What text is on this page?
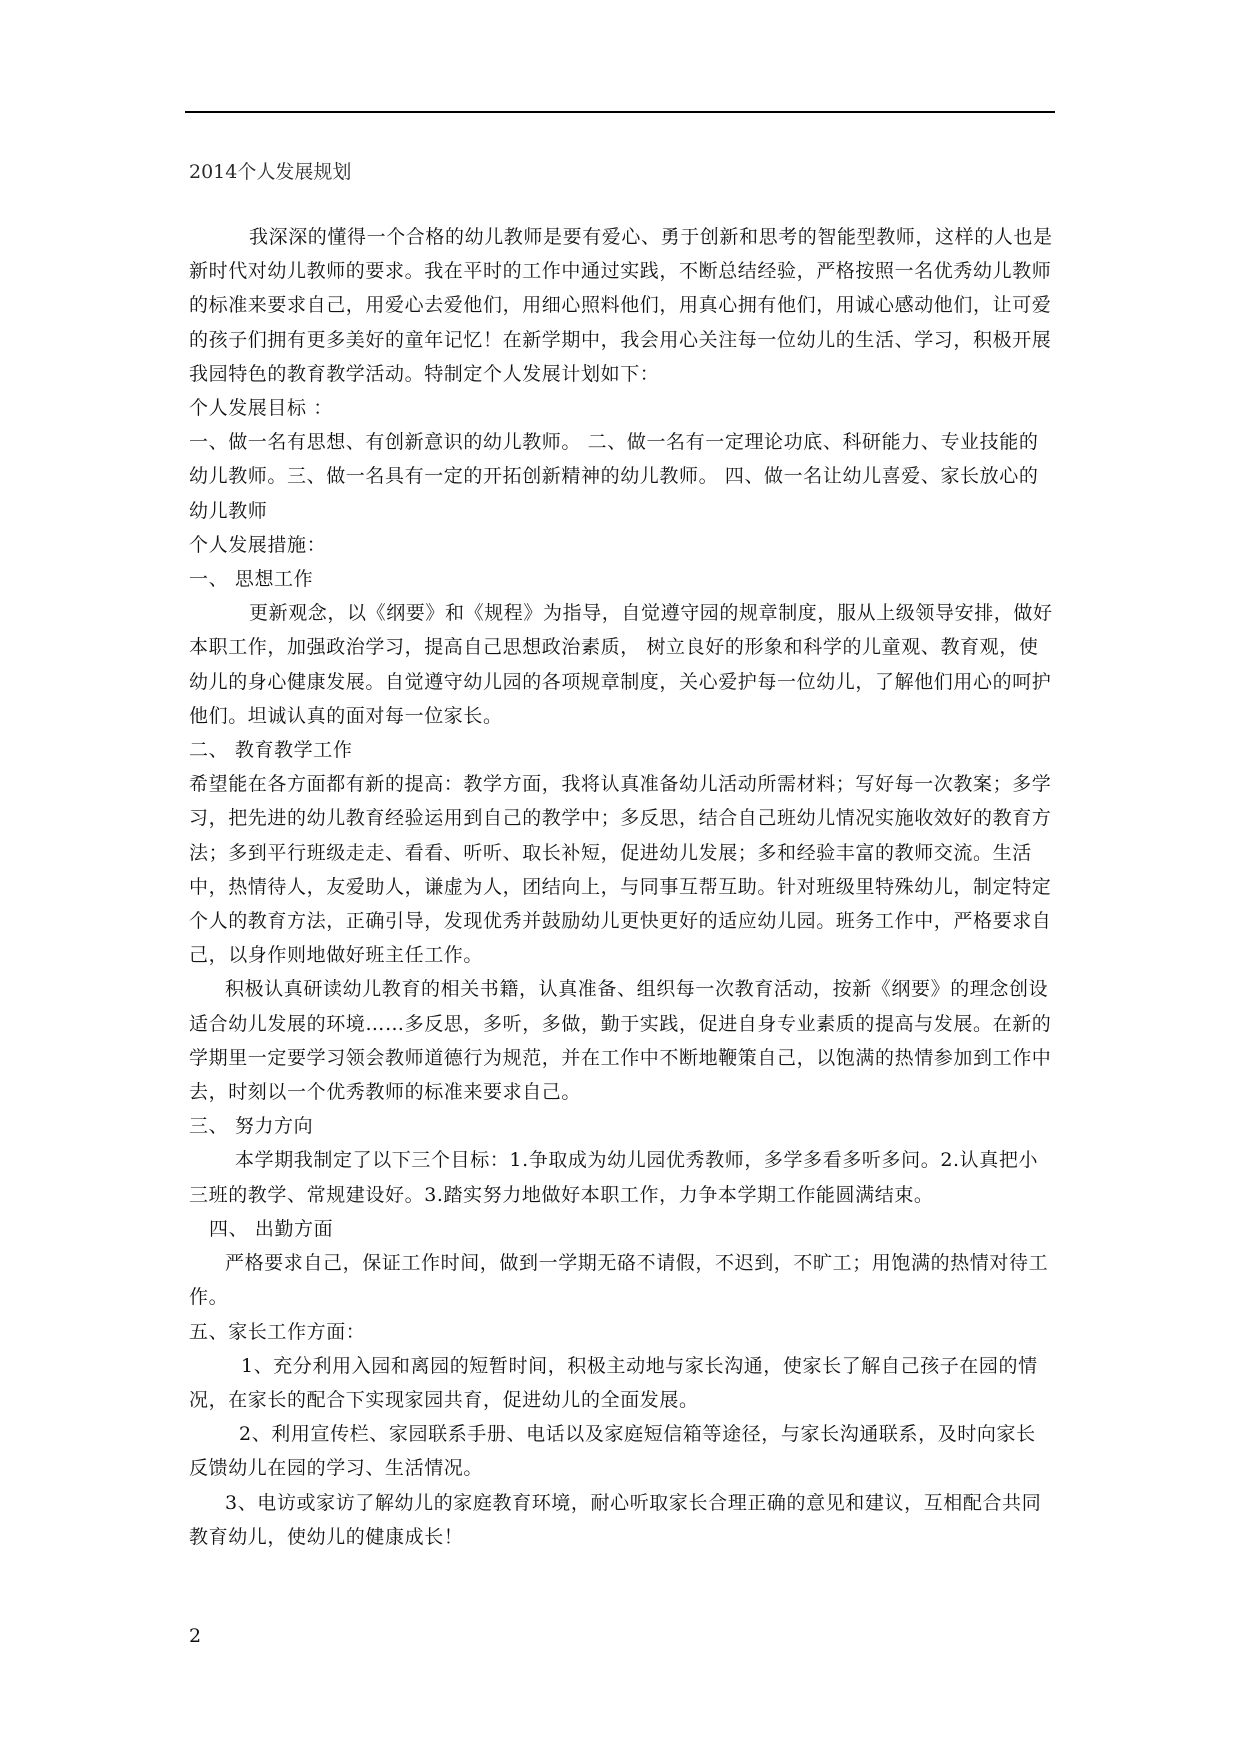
2014个人发展规划

我深深的懂得一个合格的幼儿教师是要有爱心、勇于创新和思考的智能型教师，这样的人也是新时代对幼儿教师的要求。我在平时的工作中通过实践，不断总结经验，严格按照一名优秀幼儿教师的标准来要求自己，用爱心去爱他们，用细心照料他们，用真心拥有他们，用诚心感动他们，让可爱的孩子们拥有更多美好的童年记忆！在新学期中，我会用心关注每一位幼儿的生活、学习，积极开展我园特色的教育教学活动。特制定个人发展计划如下：

个人发展目标 ：

一、做一名有思想、有创新意识的幼儿教师。 二、做一名有一定理论功底、科研能力、专业技能的幼儿教师。三、做一名具有一定的开拓创新精神的幼儿教师。 四、做一名让幼儿喜爱、家长放心的幼儿教师

个人发展措施：

一、 思想工作

更新观念，以《纲要》和《规程》为指导，自觉遵守园的规章制度，服从上级领导安排，做好本职工作，加强政治学习，提高自己思想政治素质， 树立良好的形象和科学的儿童观、教育观，使幼儿的身心健康发展。自觉遵守幼儿园的各项规章制度，关心爱护每一位幼儿，了解他们用心的呵护他们。坦诚认真的面对每一位家长。

二、 教育教学工作

希望能在各方面都有新的提高：教学方面，我将认真准备幼儿活动所需材料；写好每一次教案；多学习，把先进的幼儿教育经验运用到自己的教学中；多反思，结合自己班幼儿情况实施收效好的教育方法；多到平行班级走走、看看、听听、取长补短，促进幼儿发展；多和经验丰富的教师交流。生活中，热情待人，友爱助人，谦虚为人，团结向上，与同事互帮互助。针对班级里特殊幼儿，制定特定个人的教育方法，正确引导，发现优秀并鼓励幼儿更快更好的适应幼儿园。班务工作中，严格要求自己，以身作则地做好班主任工作。

积极认真研读幼儿教育的相关书籍，认真准备、组织每一次教育活动，按新《纲要》的理念创设适合幼儿发展的环境……多反思，多听，多做，勤于实践，促进自身专业素质的提高与发展。在新的学期里一定要学习领会教师道德行为规范，并在工作中不断地鞭策自己，以饱满的热情参加到工作中去，时刻以一个优秀教师的标准来要求自己。

三、 努力方向

本学期我制定了以下三个目标：1.争取成为幼儿园优秀教师，多学多看多听多问。2.认真把小三班的教学、常规建设好。3.踏实努力地做好本职工作，力争本学期工作能圆满结束。

四、 出勤方面

严格要求自己，保证工作时间，做到一学期无硌不请假，不迟到，不旷工；用饱满的热情对待工作。

五、家长工作方面：

1、充分利用入园和离园的短暂时间，积极主动地与家长沟通，使家长了解自己孩子在园的情况，在家长的配合下实现家园共育，促进幼儿的全面发展。

2、利用宣传栏、家园联系手册、电话以及家庭短信箱等途径，与家长沟通联系，及时向家长反馈幼儿在园的学习、生活情况。

3、电访或家访了解幼儿的家庭教育环境，耐心听取家长合理正确的意见和建议，互相配合共同教育幼儿，使幼儿的健康成长！

2
